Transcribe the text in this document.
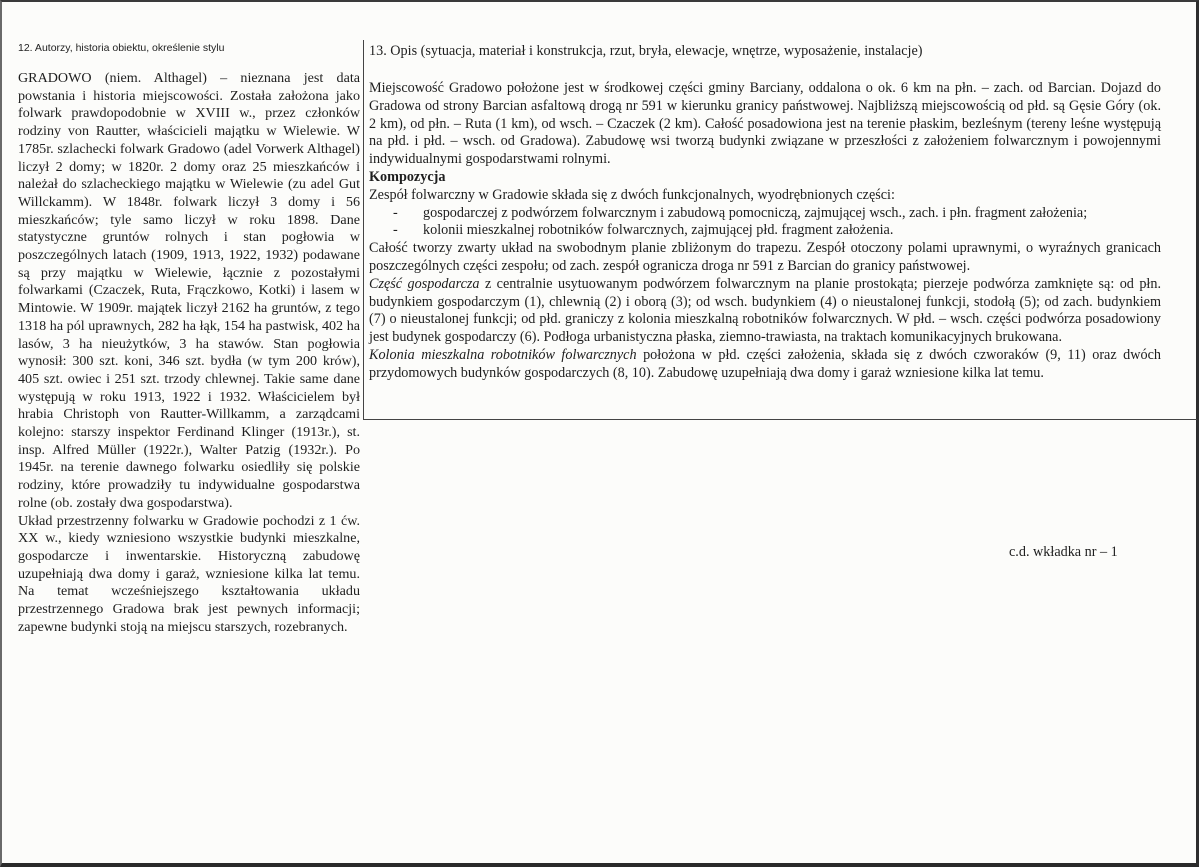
12. Autorzy, historia obiektu, określenie stylu

GRADOWO (niem. Althagel) – nieznana jest data powstania i historia miejscowości. Została założona jako folwark prawdopodobnie w XVIII w., przez członków rodziny von Rautter, właścicieli majątku w Wielewie. W 1785r. szlachecki folwark Gradowo (adel Vorwerk Althagel) liczył 2 domy; w 1820r. 2 domy oraz 25 mieszkańców i należał do szlacheckiego majątku w Wielewie (zu adel Gut Willckamm). W 1848r. folwark liczył 3 domy i 56 mieszkańców; tyle samo liczył w roku 1898. Dane statystyczne gruntów rolnych i stan pogłowia w poszczególnych latach (1909, 1913, 1922, 1932) podawane są przy majątku w Wielewie, łącznie z pozostałymi folwarkami (Czaczek, Ruta, Frączkowo, Kotki) i lasem w Mintowie. W 1909r. majątek liczył 2162 ha gruntów, z tego 1318 ha pól uprawnych, 282 ha łąk, 154 ha pastwisk, 402 ha lasów, 3 ha nieużytków, 3 ha stawów. Stan pogłowia wynosił: 300 szt. koni, 346 szt. bydła (w tym 200 krów), 405 szt. owiec i 251 szt. trzody chlewnej. Takie same dane występują w roku 1913, 1922 i 1932. Właścicielem był hrabia Christoph von Rautter-Willkamm, a zarządcami kolejno: starszy inspektor Ferdinand Klinger (1913r.), st. insp. Alfred Müller (1922r.), Walter Patzig (1932r.). Po 1945r. na terenie dawnego folwarku osiedliły się polskie rodziny, które prowadziły tu indywidualne gospodarstwa rolne (ob. zostały dwa gospodarstwa).

Układ przestrzenny folwarku w Gradowie pochodzi z 1 ćw. XX w., kiedy wzniesiono wszystkie budynki mieszkalne, gospodarcze i inwentarskie. Historyczną zabudowę uzupełniają dwa domy i garaż, wzniesione kilka lat temu. Na temat wcześniejszego kształtowania układu przestrzennego Gradowa brak jest pewnych informacji; zapewne budynki stoją na miejscu starszych, rozebranych.

13. Opis (sytuacja, materiał i konstrukcja, rzut, bryła, elewacje, wnętrze, wyposażenie, instalacje)

Miejscowość Gradowo położone jest w środkowej części gminy Barciany, oddalona o ok. 6 km na płn. – zach. od Barcian. Dojazd do Gradowa od strony Barcian asfaltową drogą nr 591 w kierunku granicy państwowej. Najbliższą miejscowością od płd. są Gęsie Góry (ok. 2 km), od płn. – Ruta (1 km), od wsch. – Czaczek (2 km). Całość posadowiona jest na terenie płaskim, bezleśnym (tereny leśne występują na płd. i płd. – wsch. od Gradowa). Zabudowę wsi tworzą budynki związane w przeszłości z założeniem folwarcznym i powojennymi indywidualnymi gospodarstwami rolnymi.

Kompozycja

Zespół folwarczny w Gradowie składa się z dwóch funkcjonalnych, wyodrębnionych części:

- gospodarczej z podwórzem folwarcznym i zabudową pomocniczą, zajmującej wsch., zach. i płn. fragment założenia;
- kolonii mieszkalnej robotników folwarcznych, zajmującej płd. fragment założenia.

Całość tworzy zwarty układ na swobodnym planie zbliżonym do trapezu. Zespół otoczony polami uprawnymi, o wyraźnych granicach poszczególnych części zespołu; od zach. zespół ogranicza droga nr 591 z Barcian do granicy państwowej.

Część gospodarcza z centralnie usytuowanym podwórzem folwarcznym na planie prostokąta; pierzeje podwórza zamknięte są: od płn. budynkiem gospodarczym (1), chlewnią (2) i oborą (3); od wsch. budynkiem (4) o nieustalonej funkcji, stodołą (5); od zach. budynkiem (7) o nieustalonej funkcji; od płd. graniczy z kolonia mieszkalną robotników folwarcznych. W płd. – wsch. części podwórza posadowiony jest budynek gospodarczy (6). Podłoga urbanistyczna płaska, ziemno-trawiasta, na traktach komunikacyjnych brukowana.

Kolonia mieszkalna robotników folwarcznych położona w płd. części założenia, składa się z dwóch czworaków (9, 11) oraz dwóch przydomowych budynków gospodarczych (8, 10). Zabudowę uzupełniają dwa domy i garaż wzniesione kilka lat temu.

c.d. wkładka nr – 1
